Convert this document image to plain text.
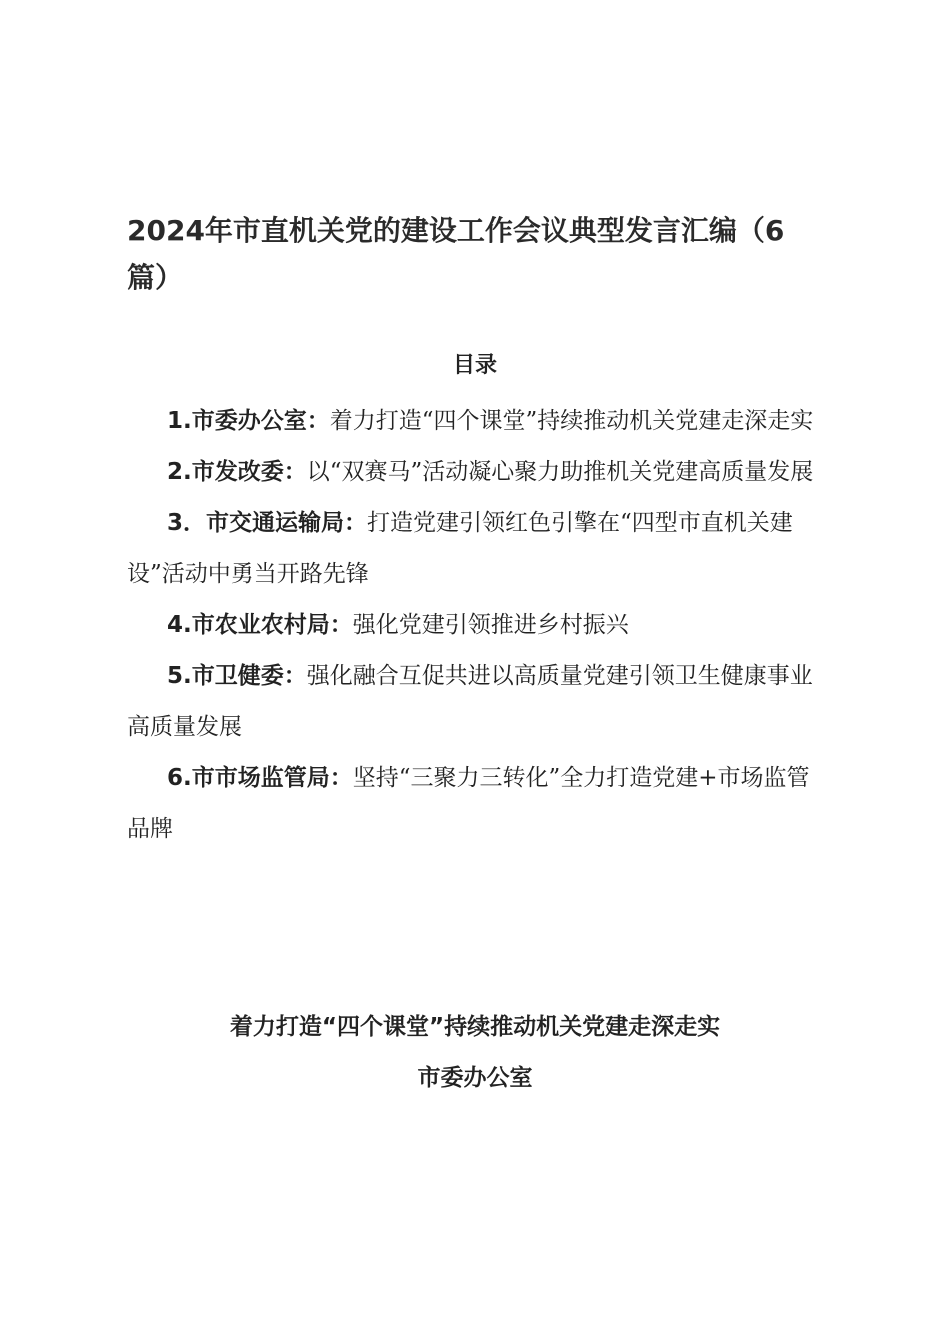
2024年市直机关党的建设工作会议典型发言汇编（6篇）
目录
1.市委办公室：着力打造“四个课堂”持续推动机关党建走深走实
2.市发改委：以“双赛马”活动凝心聚力助推机关党建高质量发展
3．市交通运输局：打造党建引领红色引擎在“四型市直机关建设”活动中勇当开路先锋
4.市农业农村局：强化党建引领推进乡村振兴
5.市卫健委：强化融合互促共进以高质量党建引领卫生健康事业高质量发展
6.市市场监管局：坚持“三聚力三转化”全力打造党建+市场监管品牌
着力打造“四个课堂”持续推动机关党建走深走实
市委办公室
